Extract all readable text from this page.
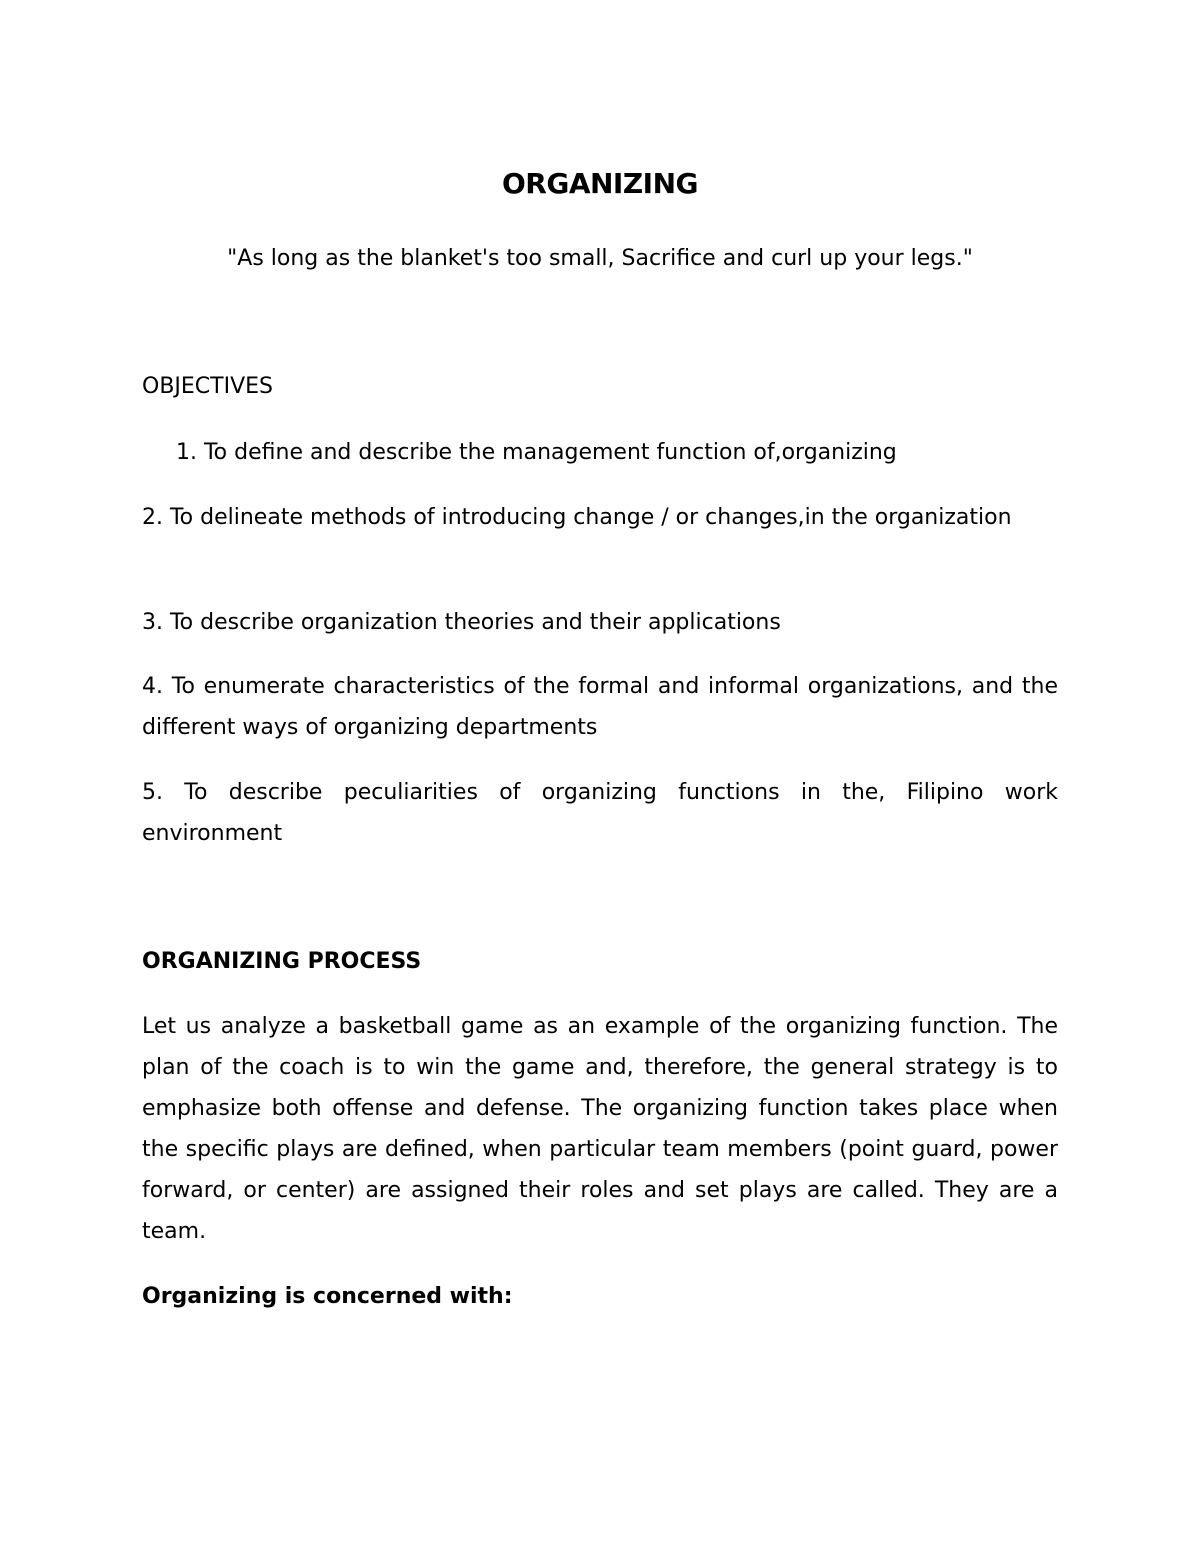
ORGANIZING

"As long as the blanket's too small, Sacrifice and curl up your legs."

OBJECTIVES

1. To define and describe the management function of,organizing

2. To delineate methods of introducing change / or changes,in the organization

3. To describe organization theories and their applications

4. To enumerate characteristics of the formal and informal organizations, and the different ways of organizing departments

5. To describe peculiarities of organizing functions in the, Filipino work environment

ORGANIZING PROCESS

Let us analyze a basketball game as an example of the organizing function. The plan of the coach is to win the game and, therefore, the general strategy is to emphasize both offense and defense. The organizing function takes place when the specific plays are defined, when particular team members (point guard, power forward, or center) are assigned their roles and set plays are called. They are a team.

Organizing is concerned with:
